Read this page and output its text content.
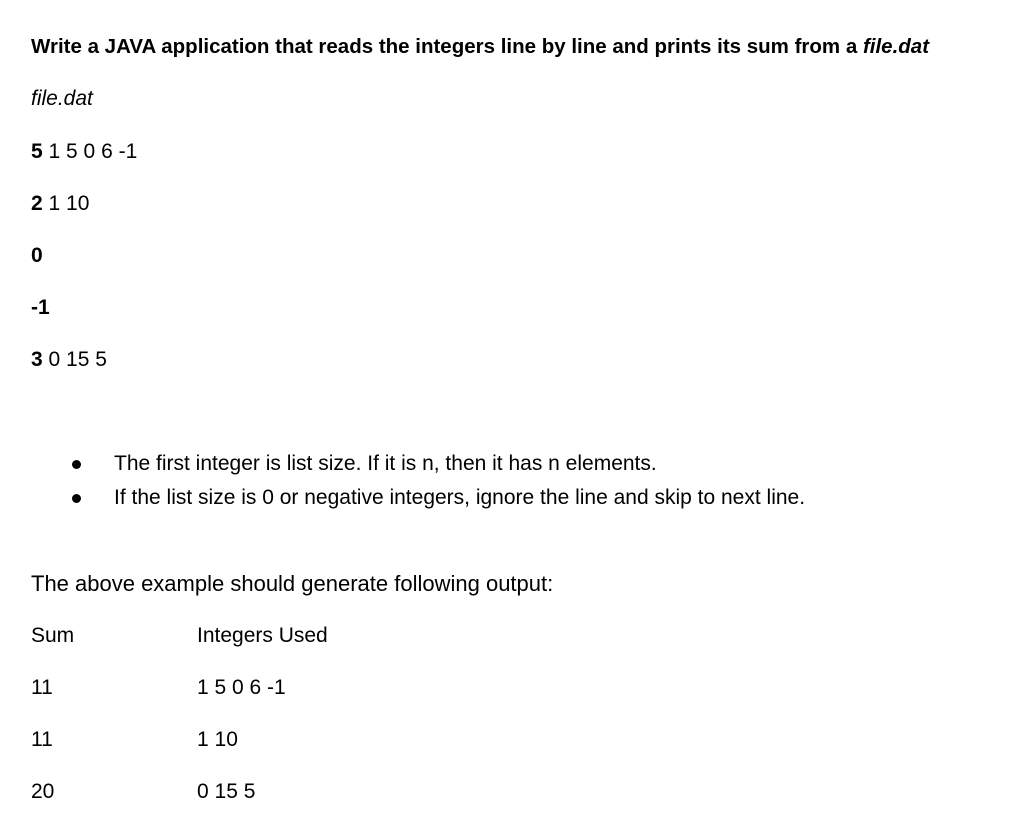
Write a JAVA application that reads the integers line by line and prints its sum from a file.dat
file.dat
5 1 5 0 6 -1
2 1 10
0
-1
3 0 15 5
The first integer is list size. If it is n, then it has n elements.
If the list size is 0 or negative integers, ignore the line and skip to next line.
The above example should generate following output:
Sum	Integers Used
11	1 5 0 6 -1
11	1 10
20	0 15 5
